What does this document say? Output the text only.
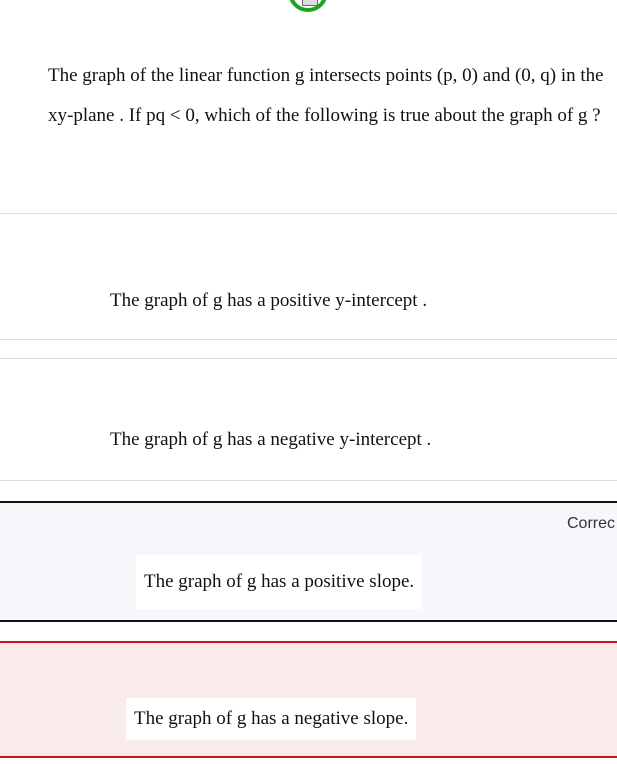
The graph of the linear function g intersects points (p, 0) and (0, q) in the xy-plane . If pq < 0, which of the following is true about the graph of g ?
The graph of g has a positive y-intercept .
The graph of g has a negative y-intercept .
Correc
The graph of g has a positive slope.
The graph of g has a negative slope.
